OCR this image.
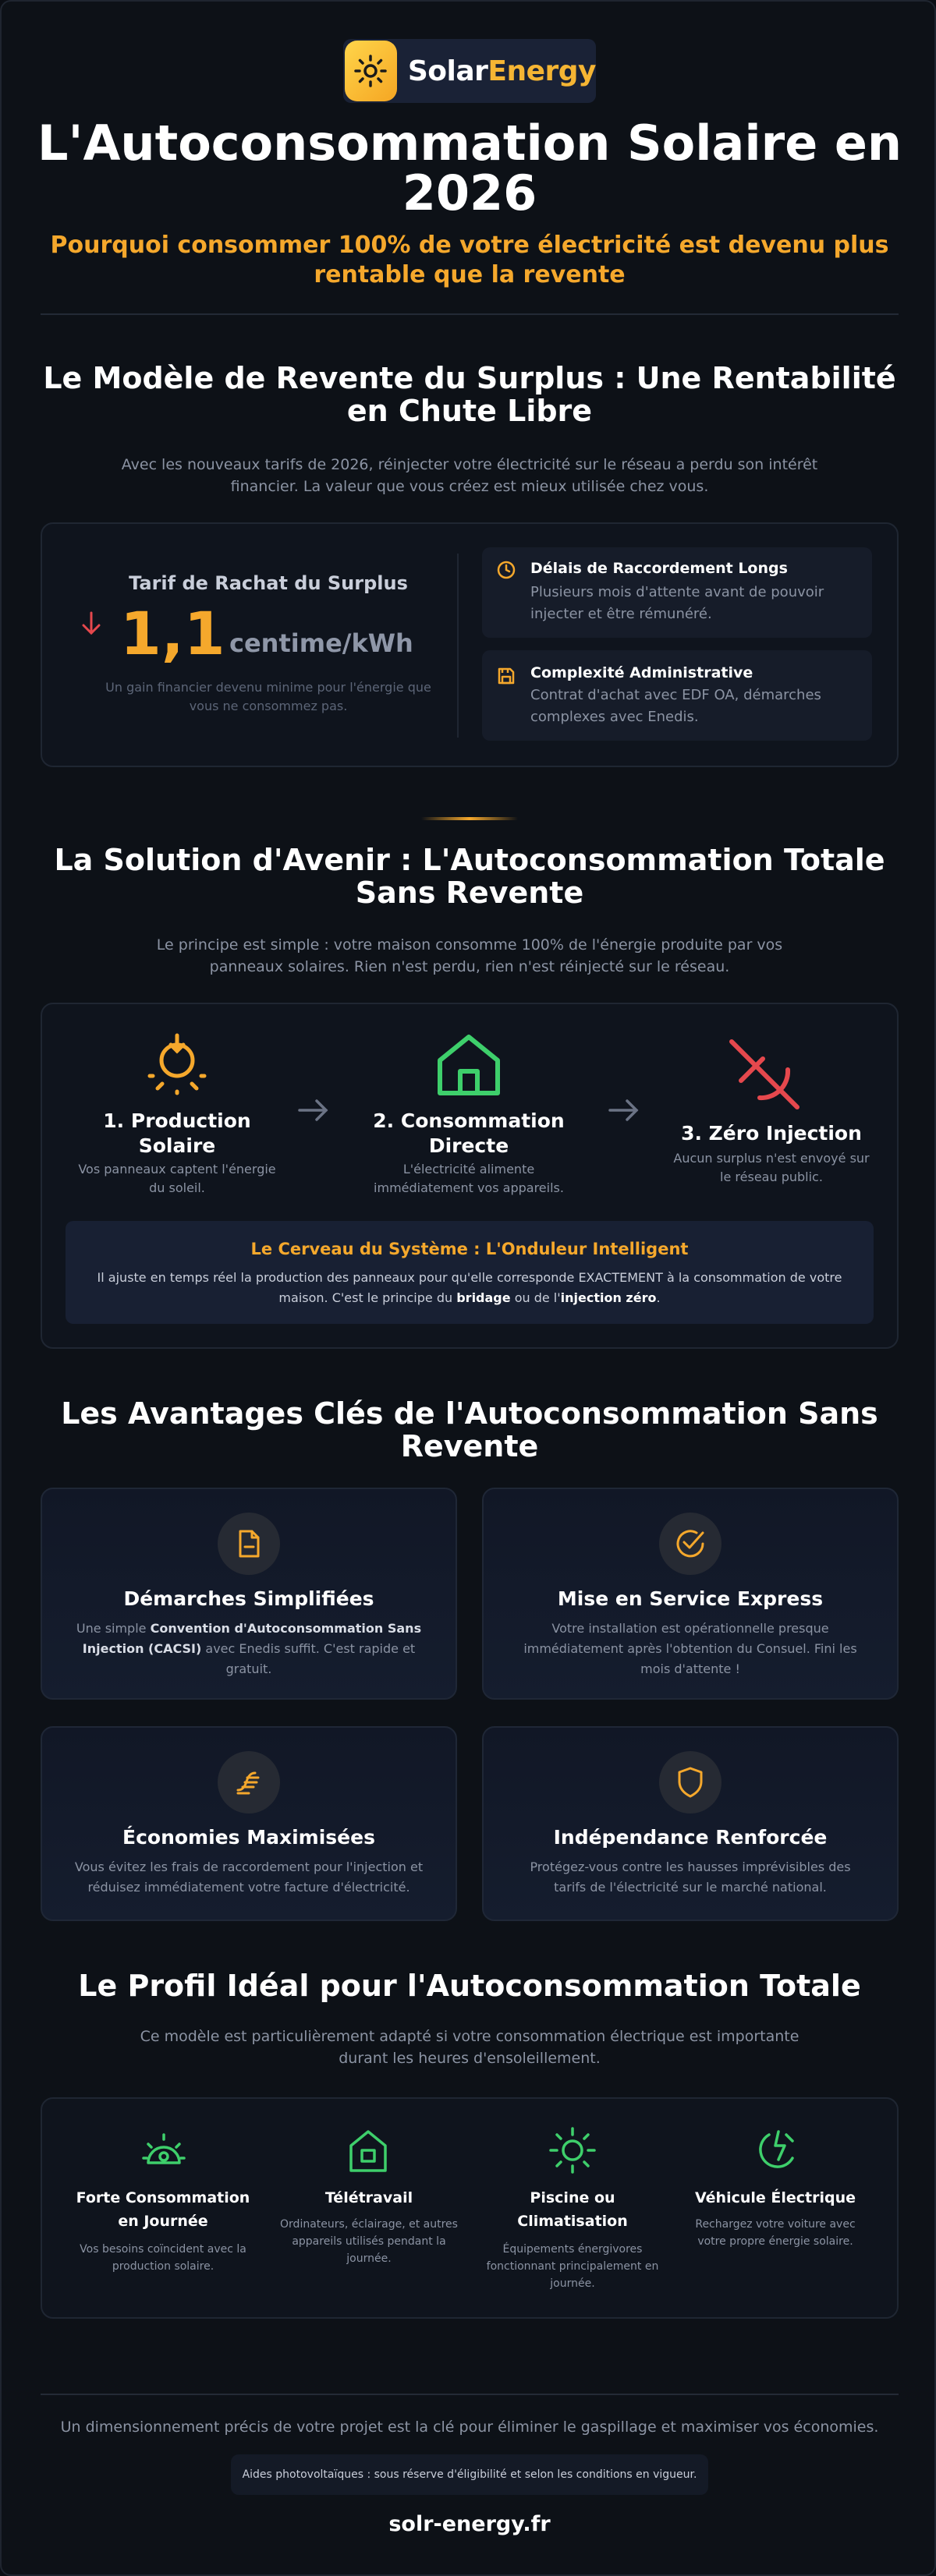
SolarEnergy
L'Autoconsommation Solaire en 2026
Pourquoi consommer 100% de votre électricité est devenu plus rentable que la revente
Le Modèle de Revente du Surplus : Une Rentabilité en Chute Libre
Avec les nouveaux tarifs de 2026, réinjecter votre électricité sur le réseau a perdu son intérêt financier. La valeur que vous créez est mieux utilisée chez vous.
Tarif de Rachat du Surplus
1,1 centime/kWh
Un gain financier devenu minime pour l'énergie que vous ne consommez pas.
Délais de Raccordement Longs
Plusieurs mois d'attente avant de pouvoir injecter et être rémunéré.
Complexité Administrative
Contrat d'achat avec EDF OA, démarches complexes avec Enedis.
La Solution d'Avenir : L'Autoconsommation Totale Sans Revente
Le principe est simple : votre maison consomme 100% de l'énergie produite par vos panneaux solaires. Rien n'est perdu, rien n'est réinjecté sur le réseau.
1. Production Solaire
Vos panneaux captent l'énergie du soleil.
2. Consommation Directe
L'électricité alimente immédiatement vos appareils.
3. Zéro Injection
Aucun surplus n'est envoyé sur le réseau public.
Le Cerveau du Système : L'Onduleur Intelligent
Il ajuste en temps réel la production des panneaux pour qu'elle corresponde EXACTEMENT à la consommation de votre maison. C'est le principe du bridage ou de l'injection zéro.
Les Avantages Clés de l'Autoconsommation Sans Revente
Démarches Simplifiées
Une simple Convention d'Autoconsommation Sans Injection (CACSI) avec Enedis suffit. C'est rapide et gratuit.
Mise en Service Express
Votre installation est opérationnelle presque immédiatement après l'obtention du Consuel. Fini les mois d'attente !
Économies Maximisées
Vous évitez les frais de raccordement pour l'injection et réduisez immédiatement votre facture d'électricité.
Indépendance Renforcée
Protégez-vous contre les hausses imprévisibles des tarifs de l'électricité sur le marché national.
Le Profil Idéal pour l'Autoconsommation Totale
Ce modèle est particulièrement adapté si votre consommation électrique est importante durant les heures d'ensoleillement.
Forte Consommation en Journée
Vos besoins coïncident avec la production solaire.
Télétravail
Ordinateurs, éclairage, et autres appareils utilisés pendant la journée.
Piscine ou Climatisation
Équipements énergivores fonctionnant principalement en journée.
Véhicule Électrique
Rechargez votre voiture avec votre propre énergie solaire.
Un dimensionnement précis de votre projet est la clé pour éliminer le gaspillage et maximiser vos économies.
Aides photovoltaïques : sous réserve d'éligibilité et selon les conditions en vigueur.
solr-energy.fr
